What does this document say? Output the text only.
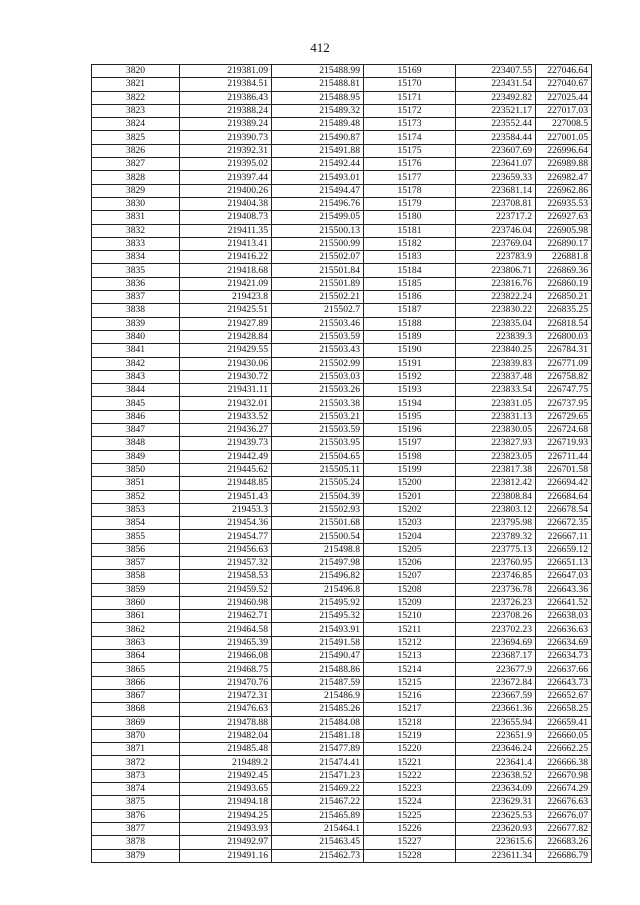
412
3820	219381.09	215488.99	15169	223407.55	227046.64
3821	219384.51	215488.81	15170	223431.54	227040.67
3822	219386.43	215488.95	15171	223492.82	227025.44
3823	219388.24	215489.32	15172	223521.17	227017.03
3824	219389.24	215489.48	15173	223552.44	227008.5
3825	219390.73	215490.87	15174	223584.44	227001.05
3826	219392.31	215491.88	15175	223607.69	226996.64
3827	219395.02	215492.44	15176	223641.07	226989.88
3828	219397.44	215493.01	15177	223659.33	226982.47
3829	219400.26	215494.47	15178	223681.14	226962.86
3830	219404.38	215496.76	15179	223708.81	226935.53
3831	219408.73	215499.05	15180	223717.2	226927.63
3832	219411.35	215500.13	15181	223746.04	226905.98
3833	219413.41	215500.99	15182	223769.04	226890.17
3834	219416.22	215502.07	15183	223783.9	226881.8
3835	219418.68	215501.84	15184	223806.71	226869.36
3836	219421.09	215501.89	15185	223816.76	226860.19
3837	219423.8	215502.21	15186	223822.24	226850.21
3838	219425.51	215502.7	15187	223830.22	226835.25
3839	219427.89	215503.46	15188	223835.04	226818.54
3840	219428.84	215503.59	15189	223839.3	226800.03
3841	219429.55	215503.43	15190	223840.25	226784.31
3842	219430.06	215502.99	15191	223839.83	226771.09
3843	219430.72	215503.03	15192	223837.48	226758.82
3844	219431.11	215503.26	15193	223833.54	226747.75
3845	219432.01	215503.38	15194	223831.05	226737.95
3846	219433.52	215503.21	15195	223831.13	226729.65
3847	219436.27	215503.59	15196	223830.05	226724.68
3848	219439.73	215503.95	15197	223827.93	226719.93
3849	219442.49	215504.65	15198	223823.05	226711.44
3850	219445.62	215505.11	15199	223817.38	226701.58
3851	219448.85	215505.24	15200	223812.42	226694.42
3852	219451.43	215504.39	15201	223808.84	226684.64
3853	219453.3	215502.93	15202	223803.12	226678.54
3854	219454.36	215501.68	15203	223795.98	226672.35
3855	219454.77	215500.54	15204	223789.32	226667.11
3856	219456.63	215498.8	15205	223775.13	226659.12
3857	219457.32	215497.98	15206	223760.95	226651.13
3858	219458.53	215496.82	15207	223746.85	226647.03
3859	219459.52	215496.8	15208	223736.78	226643.36
3860	219460.98	215495.92	15209	223726.23	226641.52
3861	219462.71	215495.32	15210	223708.26	226638.03
3862	219464.58	215493.91	15211	223702.23	226636.63
3863	219465.39	215491.58	15212	223694.69	226634.69
3864	219466.08	215490.47	15213	223687.17	226634.73
3865	219468.75	215488.86	15214	223677.9	226637.66
3866	219470.76	215487.59	15215	223672.84	226643.73
3867	219472.31	215486.9	15216	223667.59	226652.67
3868	219476.63	215485.26	15217	223661.36	226658.25
3869	219478.88	215484.08	15218	223655.94	226659.41
3870	219482.04	215481.18	15219	223651.9	226660.05
3871	219485.48	215477.89	15220	223646.24	226662.25
3872	219489.2	215474.41	15221	223641.4	226666.38
3873	219492.45	215471.23	15222	223638.52	226670.98
3874	219493.65	215469.22	15223	223634.09	226674.29
3875	219494.18	215467.22	15224	223629.31	226676.63
3876	219494.25	215465.89	15225	223625.53	226676.07
3877	219493.93	215464.1	15226	223620.93	226677.82
3878	219492.97	215463.45	15227	223615.6	226683.26
3879	219491.16	215462.73	15228	223611.34	226686.79
